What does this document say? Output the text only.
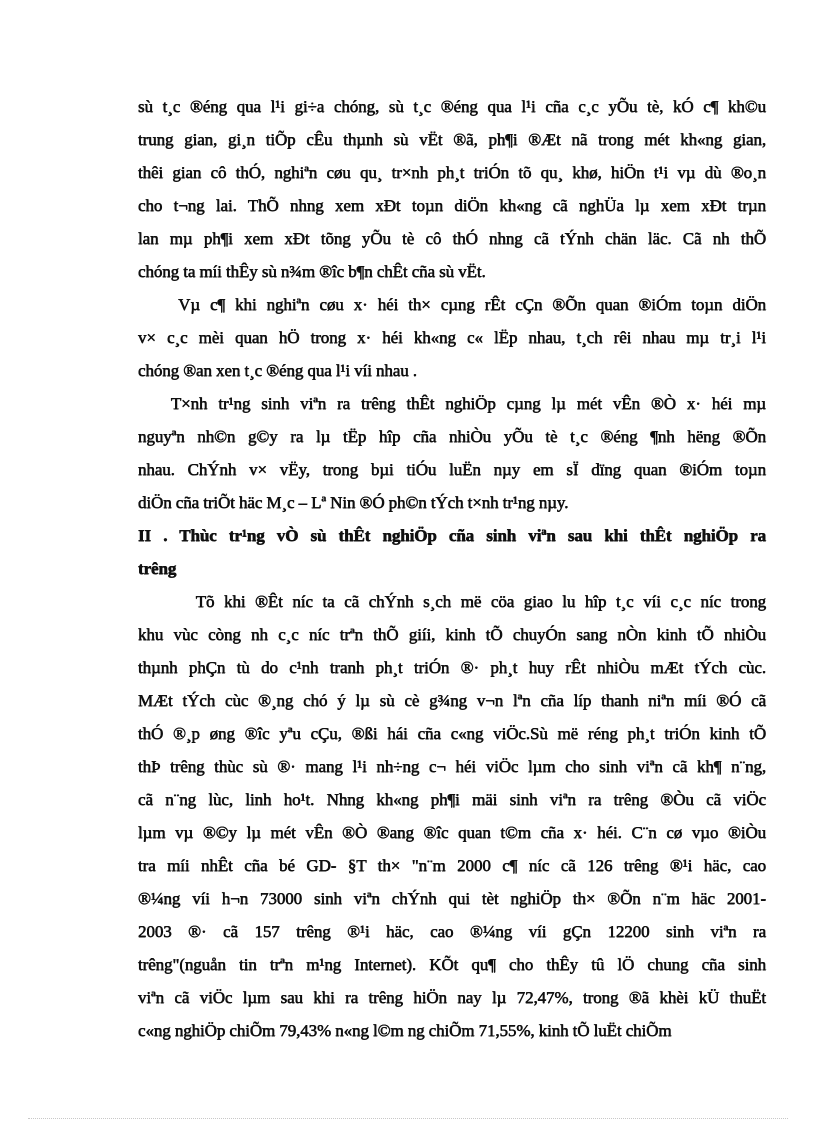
sù t¸c ®éng qua l¹i gi÷a chóng, sù t¸c ®éng qua l¹i cña c¸c yÕu tè, kÓ c¶ kh©u
trung gian, gi¸n tiÕp cÊu thµnh sù vËt ®ã, ph¶i ®Æt nã trong mét kh«ng gian,
thêi gian cô thÓ, nghiªn cøu qu¸ tr×nh ph¸t triÓn tõ qu¸ khø, hiÖn t¹i vµ dù ®o¸n
cho t¬ng lai. ThÕ nhng xem xÐt toµn diÖn kh«ng cã nghÜa lµ xem xÐt trµn
lan mµ ph¶i xem xÐt tõng yÕu tè cô thÓ nhng cã tÝnh chän läc. Cã nh thÕ
chóng ta míi thÊy sù n¾m ®îc b¶n chÊt cña sù vËt.
Vµ c¶ khi nghiªn cøu x· héi th× cµng rÊt cÇn ®Õn quan ®iÓm toµn diÖn
v× c¸c mèi quan hÖ trong x· héi kh«ng c« lËp nhau, t¸ch rêi nhau mµ tr¸i l¹i
chóng ®an xen t¸c ®éng qua l¹i víi nhau .
T×nh tr¹ng sinh viªn ra trêng thÊt nghiÖp cµng lµ mét vÊn ®Ò x· héi mµ
nguyªn nh©n g©y ra lµ tËp hîp cña nhiÒu yÕu tè t¸c ®éng ¶nh hëng ®Õn
nhau. ChÝnh v× vËy, trong bµi tiÓu luËn nµy em sÏ dïng quan ®iÓm toµn
diÖn cña triÕt häc M¸c – Lª Nin ®Ó ph©n tÝch t×nh tr¹ng nµy.
II . Thùc tr¹ng vÒ sù thÊt nghiÖp cña sinh viªn sau khi thÊt nghiÖp ra
trêng
Tõ khi ®Êt níc ta cã chÝnh s¸ch më cöa giao lu hîp t¸c víi c¸c níc trong
khu vùc còng nh c¸c níc trªn thÕ giíi, kinh tÕ chuyÓn sang nÒn kinh tÕ nhiÒu
thµnh phÇn tù do c¹nh tranh ph¸t triÓn ®· ph¸t huy rÊt nhiÒu mÆt tÝch cùc.
MÆt tÝch cùc ®¸ng chó ý lµ sù cè g¾ng v¬n lªn cña líp thanh niªn míi ®Ó cã
thÓ ®¸p øng ®îc yªu cÇu, ®ßi hái cña c«ng viÖc.Sù më réng ph¸t triÓn kinh tÕ
thÞ trêng thùc sù ®· mang l¹i nh÷ng c¬ héi viÖc lµm cho sinh viªn cã kh¶ n¨ng,
cã n¨ng lùc, linh ho¹t. Nhng kh«ng ph¶i mäi sinh viªn ra trêng ®Òu cã viÖc
lµm vµ ®©y lµ mét vÊn ®Ò ®ang ®îc quan t©m cña x· héi. C¨n cø vµo ®iÒu
tra míi nhÊt cña bé GD- §T th× "n¨m 2000 c¶ níc cã 126 trêng ®¹i häc, cao
®¼ng víi h¬n 73000 sinh viªn chÝnh qui tèt nghiÖp th× ®Õn n¨m häc 2001-
2003 ®· cã 157 trêng ®¹i häc, cao ®¼ng víi gÇn 12200 sinh viªn ra
trêng"(nguån tin trªn m¹ng Internet). KÕt qu¶ cho thÊy tû lÖ chung cña sinh
viªn cã viÖc lµm sau khi ra trêng hiÖn nay lµ 72,47%, trong ®ã khèi kÜ thuËt
c«ng nghiÖp chiÕm 79,43% n«ng l©m ng chiÕm 71,55%, kinh tÕ luËt chiÕm
